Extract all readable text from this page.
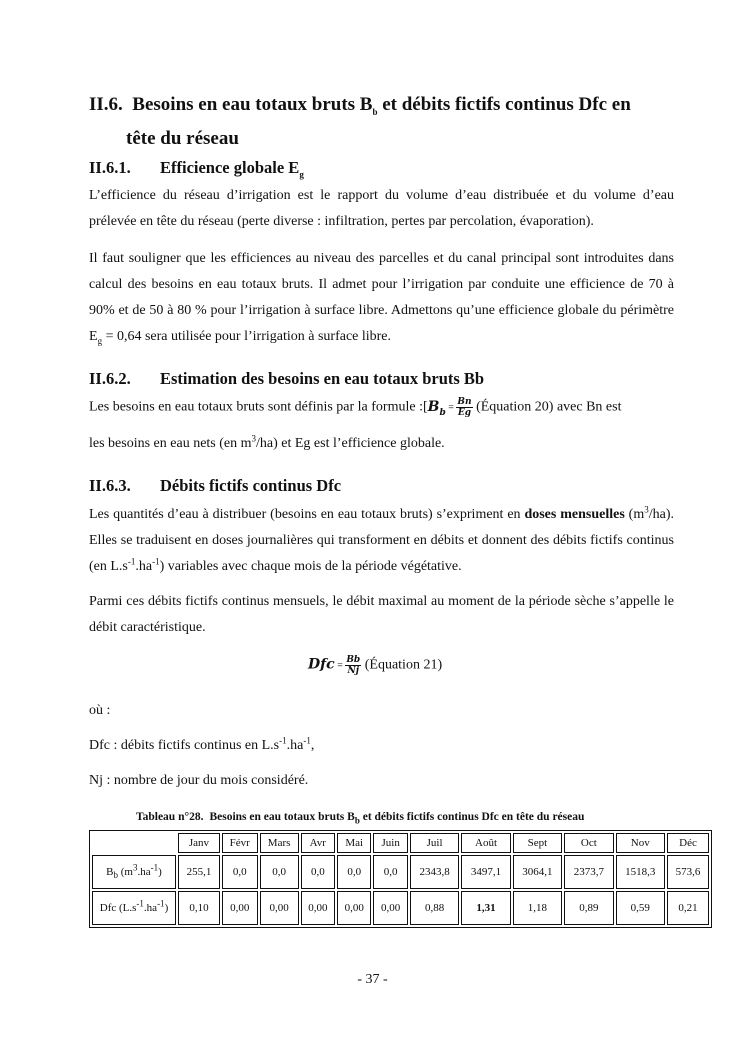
II.6. Besoins en eau totaux bruts $B_b$ et débits fictifs continus Dfc en
tête du réseau
II.6.1. Efficience globale $E_g$

L’efficience du réseau d’irrigation est le rapport du volume d’eau distribuée et du volume d’eau prélevée en tête du réseau (perte diverse : infiltration, pertes par percolation, évaporation).

Il faut souligner que les efficiences au niveau des parcelles et du canal principal sont introduites dans calcul des besoins en eau totaux bruts. Il admet pour l’irrigation par conduite une efficience de 70 à 90% et de 50 à 80 % pour l’irrigation à surface libre. Admettons qu’une efficience globale du périmètre $E_g = 0,64$ sera utilisée pour l’irrigation à surface libre.

II.6.2. Estimation des besoins en eau totaux bruts Bb
Les besoins en eau totaux bruts sont définis par la formule $:[B_b = \frac{Bn}{Eg}$ (Équation 20) avec Bn est
les besoins en eau nets (en $m^3/ha$) et Eg est l’efficience globale.
II.6.3. Débits fictifs continus Dfc

Les quantités d’eau à distribuer (besoins en eau totaux bruts) s’expriment en doses mensuelles $(m^3/ha)$. Elles se traduisent en doses journalières qui transforment en débits et donnent des débits fictifs continus (en $L.s^{-1}.ha^{-1}$) variables avec chaque mois de la période végétative.

Parmi ces débits fictifs continus mensuels, le débit maximal au moment de la période sèche s’appelle le débit caractéristique.

Dfc = $\frac{Bb}{Nj}$ (Équation 21)
où :
Dfc : débits fictifs continus en $L.s^{-1}.ha^{-1}$,
Nj : nombre de jour du mois considéré.
Tableau n°28. Besoins en eau totaux bruts $B_b$ et débits fictifs continus Dfc en tête du réseau
	Janv	Févr	Mars	Avr	Mai	Juin	Juil	Août	Sept	Oct	Nov	Déc
$B_b$ $(m^3.ha^{-1})$	255,1	0,0	0,0	0,0	0,0	0,0	2343,8	3497,1	3064,1	2373,7	1518,3	573,6
Dfc $(L.s^{-1}.ha^{-1})$	0,10	0,00	0,00	0,00	0,00	0,00	0,88	1,31	1,18	0,89	0,59	0,21
- 37 -
